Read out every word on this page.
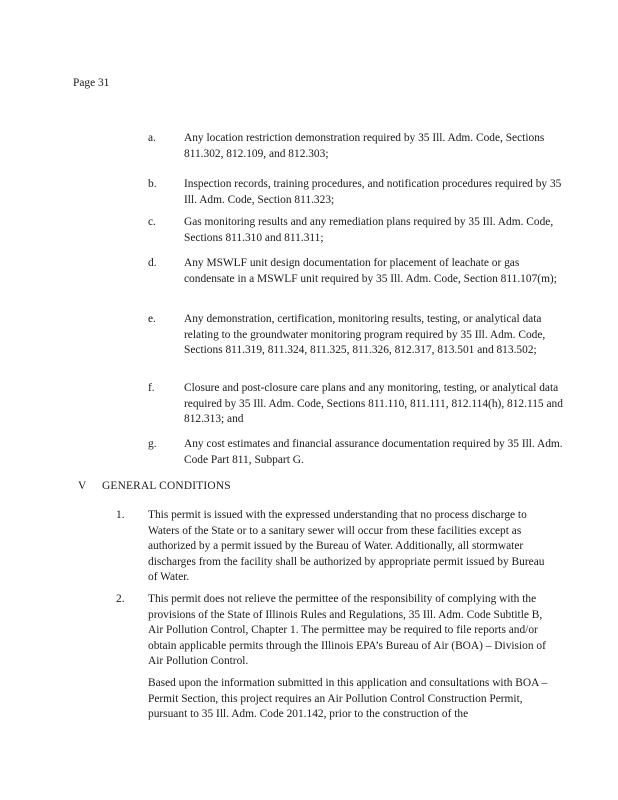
Page 31
a. Any location restriction demonstration required by 35 Ill. Adm. Code, Sections 811.302, 812.109, and 812.303;
b. Inspection records, training procedures, and notification procedures required by 35 Ill. Adm. Code, Section 811.323;
c. Gas monitoring results and any remediation plans required by 35 Ill. Adm. Code, Sections 811.310 and 811.311;
d. Any MSWLF unit design documentation for placement of leachate or gas condensate in a MSWLF unit required by 35 Ill. Adm. Code, Section 811.107(m);
e. Any demonstration, certification, monitoring results, testing, or analytical data relating to the groundwater monitoring program required by 35 Ill. Adm. Code, Sections 811.319, 811.324, 811.325, 811.326, 812.317, 813.501 and 813.502;
f.	Closure and post-closure care plans and any monitoring, testing, or analytical data required by 35 Ill. Adm. Code, Sections 811.110, 811.111, 812.114(h), 812.115 and 812.313; and
g. Any cost estimates and financial assurance documentation required by 35 Ill. Adm. Code Part 811, Subpart G.
V GENERAL CONDITIONS
1. This permit is issued with the expressed understanding that no process discharge to Waters of the State or to a sanitary sewer will occur from these facilities except as authorized by a permit issued by the Bureau of Water. Additionally, all stormwater discharges from the facility shall be authorized by appropriate permit issued by Bureau of Water.
2. This permit does not relieve the permittee of the responsibility of complying with the provisions of the State of Illinois Rules and Regulations, 35 Ill. Adm. Code Subtitle B, Air Pollution Control, Chapter 1. The permittee may be required to file reports and/or obtain applicable permits through the Illinois EPA’s Bureau of Air (BOA) – Division of Air Pollution Control.
Based upon the information submitted in this application and consultations with BOA – Permit Section, this project requires an Air Pollution Control Construction Permit, pursuant to 35 Ill. Adm. Code 201.142, prior to the construction of the
